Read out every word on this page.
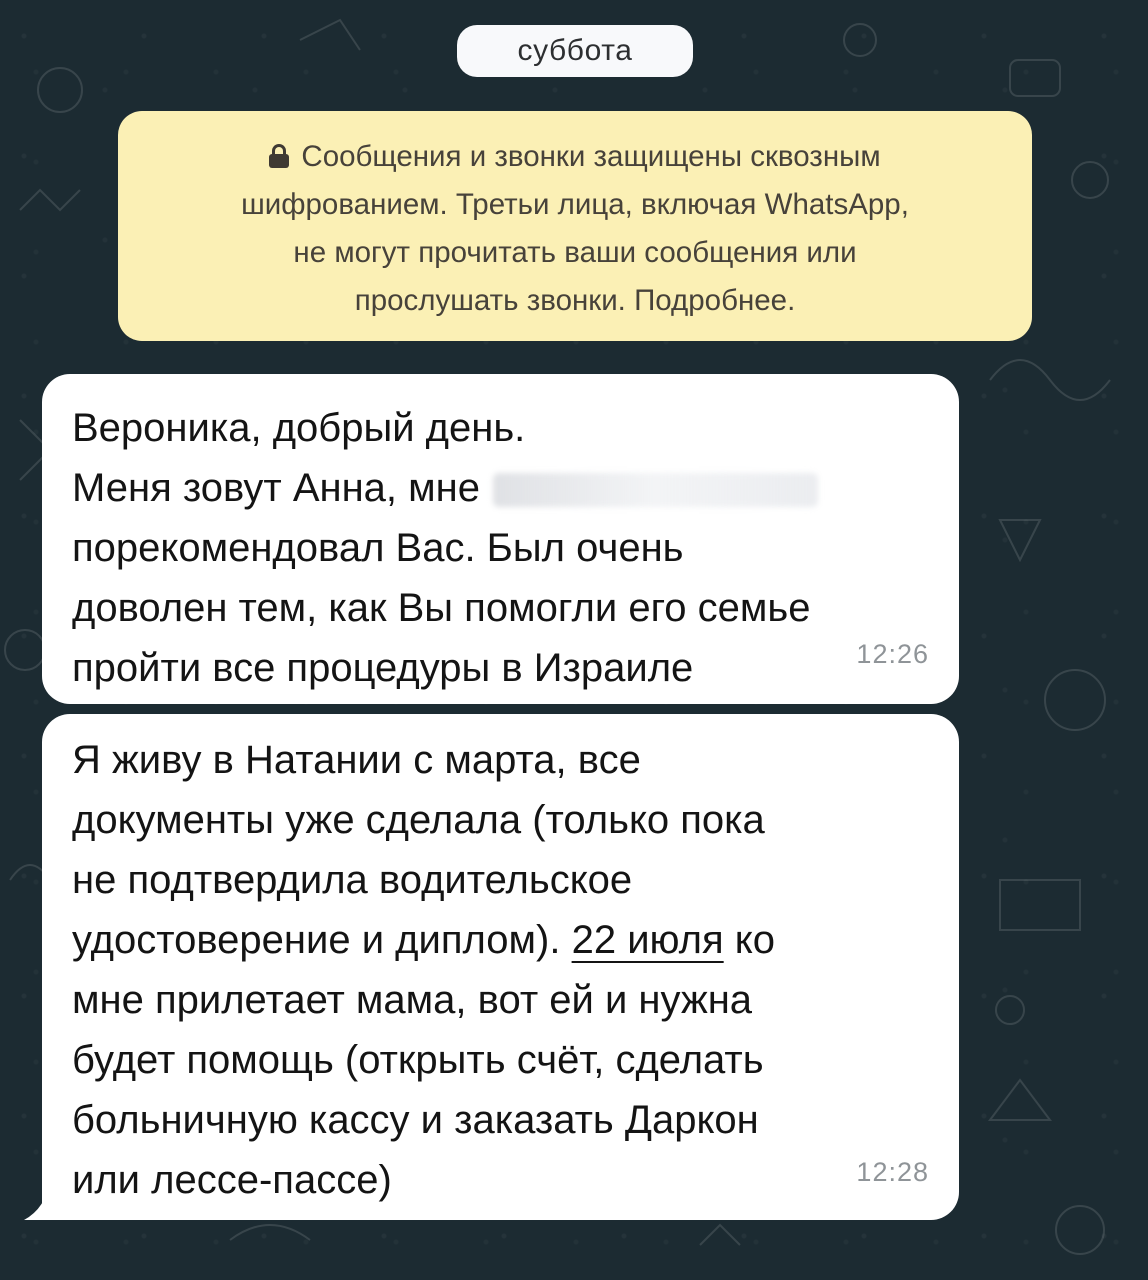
суббота
Сообщения и звонки защищены сквозным
шифрованием. Третьи лица, включая WhatsApp,
не могут прочитать ваши сообщения или
прослушать звонки. Подробнее.
Вероника, добрый день.
Меня зовут Анна, мне
порекомендовал Вас. Был очень
доволен тем, как Вы помогли его семье
пройти все процедуры в Израиле	12:26
Я живу в Натании с марта, все
документы уже сделала (только пока
не подтвердила водительское
удостоверение и диплом). 22 июля ко
мне прилетает мама, вот ей и нужна
будет помощь (открыть счёт, сделать
больничную кассу и заказать Даркон
или лессе-пассе)	12:28
